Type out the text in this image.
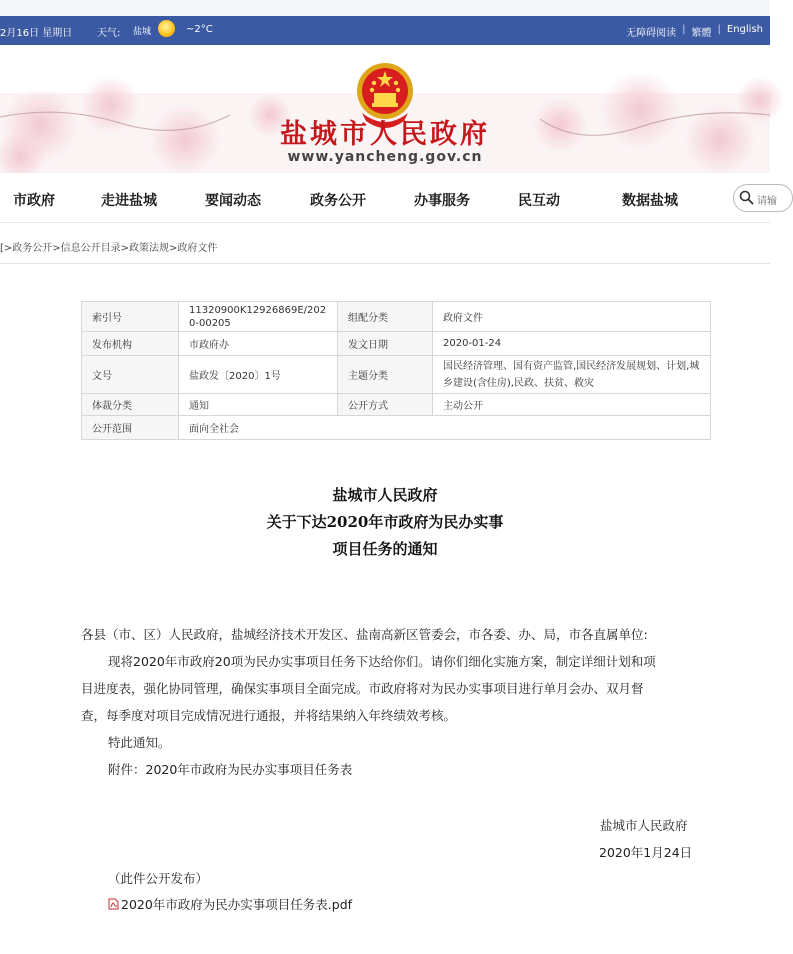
2月16日 星期日 天气: 盐城	~2°C	无障碍阅读 | 繁體 | English
盐城市人民政府
www.yancheng.gov.cn
市政府	走进盐城	要闻动态	政务公开	办事服务	民互动	数据盐城	请输
[>政务公开>信息公开目录>政策法规>政府文件
索引号	11320900K12926869E/2020-00205	组配分类	政府文件
发布机构	市政府办	发文日期	2020-01-24
文号	盐政发〔2020〕1号	主题分类	国民经济管理、国有资产监管,国民经济发展规划、计划,城乡建设(含住房),民政、扶贫、救灾
体裁分类	通知	公开方式	主动公开
公开范围	面向全社会		
盐城市人民政府
关于下达2020年市政府为民办实事
项目任务的通知
各县（市、区）人民政府，盐城经济技术开发区、盐南高新区管委会，市各委、办、局，市各直属单位:
现将2020年市政府20项为民办实事项目任务下达给你们。请你们细化实施方案，制定详细计划和项
目进度表，强化协同管理，确保实事项目全面完成。市政府将对为民办实事项目进行单月会办、双月督
查，每季度对项目完成情况进行通报，并将结果纳入年终绩效考核。
特此通知。
附件：2020年市政府为民办实事项目任务表
盐城市人民政府
2020年1月24日
（此件公开发布）
2020年市政府为民办实事项目任务表.pdf
